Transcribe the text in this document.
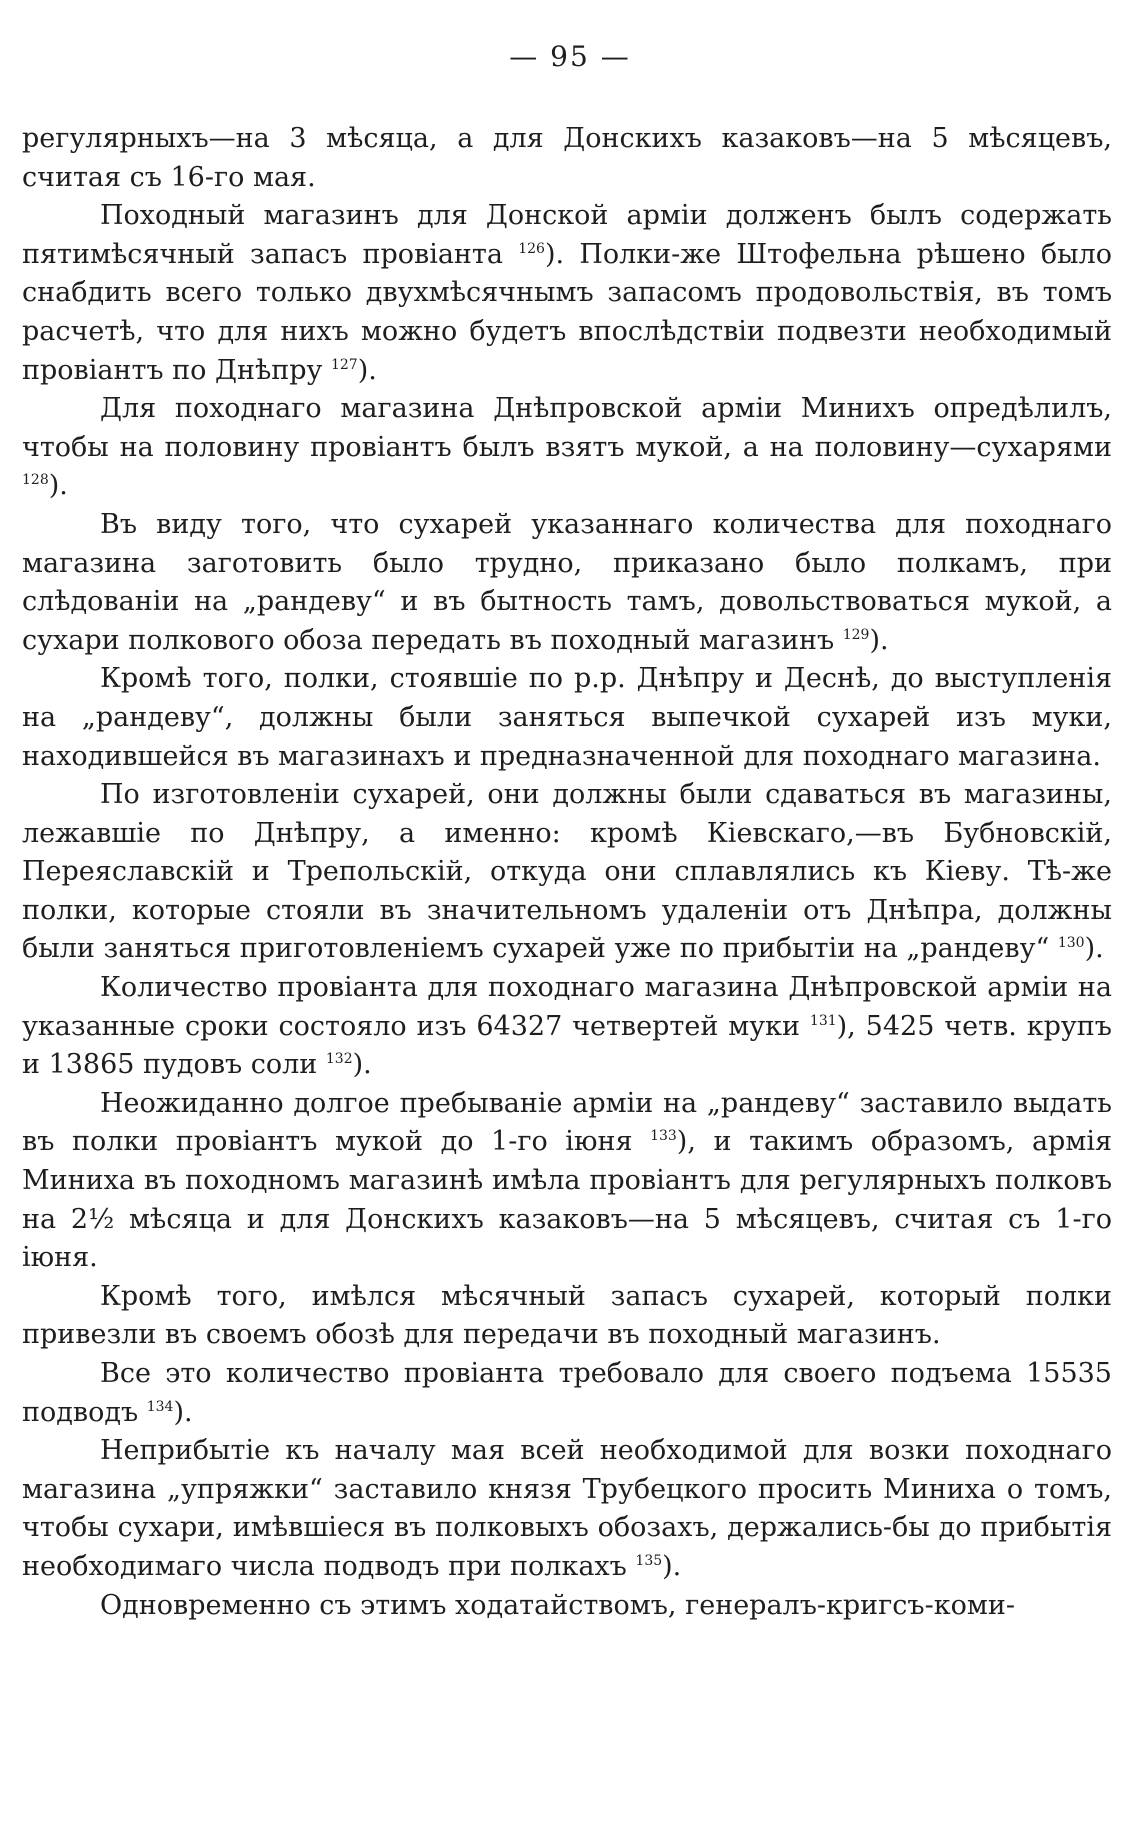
— 95 —

регулярныхъ—на 3 мѣсяца, а для Донскихъ казаковъ—на 5 мѣсяцевъ, считая съ 16-го мая.

Походный магазинъ для Донской арміи долженъ былъ содержать пятимѣсячный запасъ провіанта $^{126}$). Полки-же Штофельна рѣшено было снабдить всего только двухмѣсячнымъ запасомъ продовольствія, въ томъ расчетѣ, что для нихъ можно будетъ впослѣдствіи подвезти необходимый провіантъ по Днѣпру $^{127}$).

Для походнаго магазина Днѣпровской арміи Минихъ опредѣлилъ, чтобы на половину провіантъ былъ взятъ мукой, а на половину—сухарями $^{128}$).

Въ виду того, что сухарей указаннаго количества для походнаго магазина заготовить было трудно, приказано было полкамъ, при слѣдованіи на „рандеву“ и въ бытность тамъ, довольствоваться мукой, а сухари полкового обоза передать въ походный магазинъ $^{129}$).

Кромѣ того, полки, стоявшіе по р.р. Днѣпру и Деснѣ, до выступленія на „рандеву“, должны были заняться выпечкой сухарей изъ муки, находившейся въ магазинахъ и предназначенной для походнаго магазина.

По изготовленіи сухарей, они должны были сдаваться въ магазины, лежавшіе по Днѣпру, а именно: кромѣ Кіевскаго,—въ Бубновскій, Переяславскій и Трепольскій, откуда они сплавлялись къ Кіеву. Тѣ-же полки, которые стояли въ значительномъ удаленіи отъ Днѣпра, должны были заняться приготовленіемъ сухарей уже по прибытіи на „рандеву“ $^{130}$).

Количество провіанта для походнаго магазина Днѣпровской арміи на указанные сроки состояло изъ 64327 четвертей муки $^{131}$), 5425 четв. крупъ и 13865 пудовъ соли $^{132}$).

Неожиданно долгое пребываніе арміи на „рандеву“ заставило выдать въ полки провіантъ мукой до 1-го іюня $^{133}$), и такимъ образомъ, армія Миниха въ походномъ магазинѣ имѣла провіантъ для регулярныхъ полковъ на 2½ мѣсяца и для Донскихъ казаковъ—на 5 мѣсяцевъ, считая съ 1-го іюня.

Кромѣ того, имѣлся мѣсячный запасъ сухарей, который полки привезли въ своемъ обозѣ для передачи въ походный магазинъ.

Все это количество провіанта требовало для своего подъема 15535 подводъ $^{134}$).

Неприбытіе къ началу мая всей необходимой для возки походнаго магазина „упряжки“ заставило князя Трубецкого просить Миниха о томъ, чтобы сухари, имѣвшіеся въ полковыхъ обозахъ, держались-бы до прибытія необходимаго числа подводъ при полкахъ $^{135}$).

Одновременно съ этимъ ходатайствомъ, генералъ-кригсъ-коми-
